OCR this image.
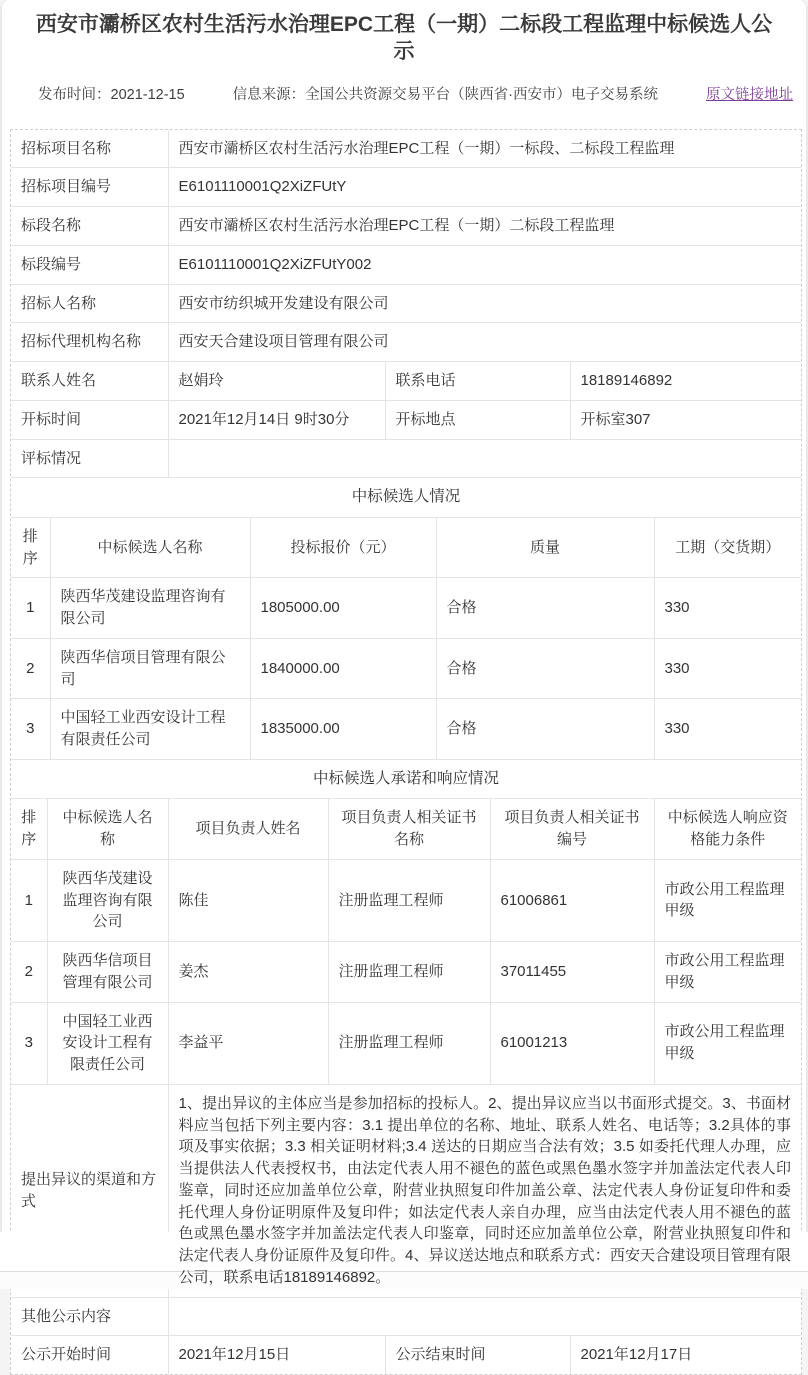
西安市灞桥区农村生活污水治理EPC工程（一期）二标段工程监理中标候选人公示
发布时间：2021-12-15	信息来源：全国公共资源交易平台（陕西省·西安市）电子交易系统	原文链接地址
招标项目名称	西安市灞桥区农村生活污水治理EPC工程（一期）一标段、二标段工程监理		
招标项目编号	E6101110001Q2XiZFUtY		
标段名称	西安市灞桥区农村生活污水治理EPC工程（一期）二标段工程监理		
标段编号	E6101110001Q2XiZFUtY002		
招标人名称	西安市纺织城开发建设有限公司		
招标代理机构名称	西安天合建设项目管理有限公司		
联系人姓名	赵娟玲	联系电话	18189146892
开标时间	2021年12月14日 9时30分	开标地点	开标室307
评标情况			
中标候选人情况				
排序	中标候选人名称	投标报价（元）	质量	工期（交货期）
1	陕西华茂建设监理咨询有限公司	1805000.00	合格	330
2	陕西华信项目管理有限公司	1840000.00	合格	330
3	中国轻工业西安设计工程有限责任公司	1835000.00	合格	330
中标候选人承诺和响应情况					
排序	中标候选人名称	项目负责人姓名	项目负责人相关证书名称	项目负责人相关证书编号	中标候选人响应资格能力条件
1	陕西华茂建设监理咨询有限公司	陈佳	注册监理工程师	61006861	市政公用工程监理甲级
2	陕西华信项目管理有限公司	姜杰	注册监理工程师	37011455	市政公用工程监理甲级
3	中国轻工业西安设计工程有限责任公司	李益平	注册监理工程师	61001213	市政公用工程监理甲级
提出异议的渠道和方式	1、提出异议的主体应当是参加招标的投标人。2、提出异议应当以书面形式提交。3、书面材料应当包括下列主要内容：3.1 提出单位的名称、地址、联系人姓名、电话等；3.2具体的事项及事实依据；3.3 相关证明材料;3.4 送达的日期应当合法有效；3.5 如委托代理人办理，应当提供法人代表授权书，由法定代表人用不褪色的蓝色或黑色墨水签字并加盖法定代表人印鉴章，同时还应加盖单位公章，附营业执照复印件加盖公章、法定代表人身份证复印件和委托代理人身份证明原件及复印件；如法定代表人亲自办理，应当由法定代表人用不褪色的蓝色或黑色墨水签字并加盖法定代表人印鉴章，同时还应加盖单位公章，附营业执照复印件和法定代表人身份证原件及复印件。4、异议送达地点和联系方式：西安天合建设项目管理有限公司，联系电话18189146892。		
其他公示内容			
公示开始时间	2021年12月15日	公示结束时间	2021年12月17日
